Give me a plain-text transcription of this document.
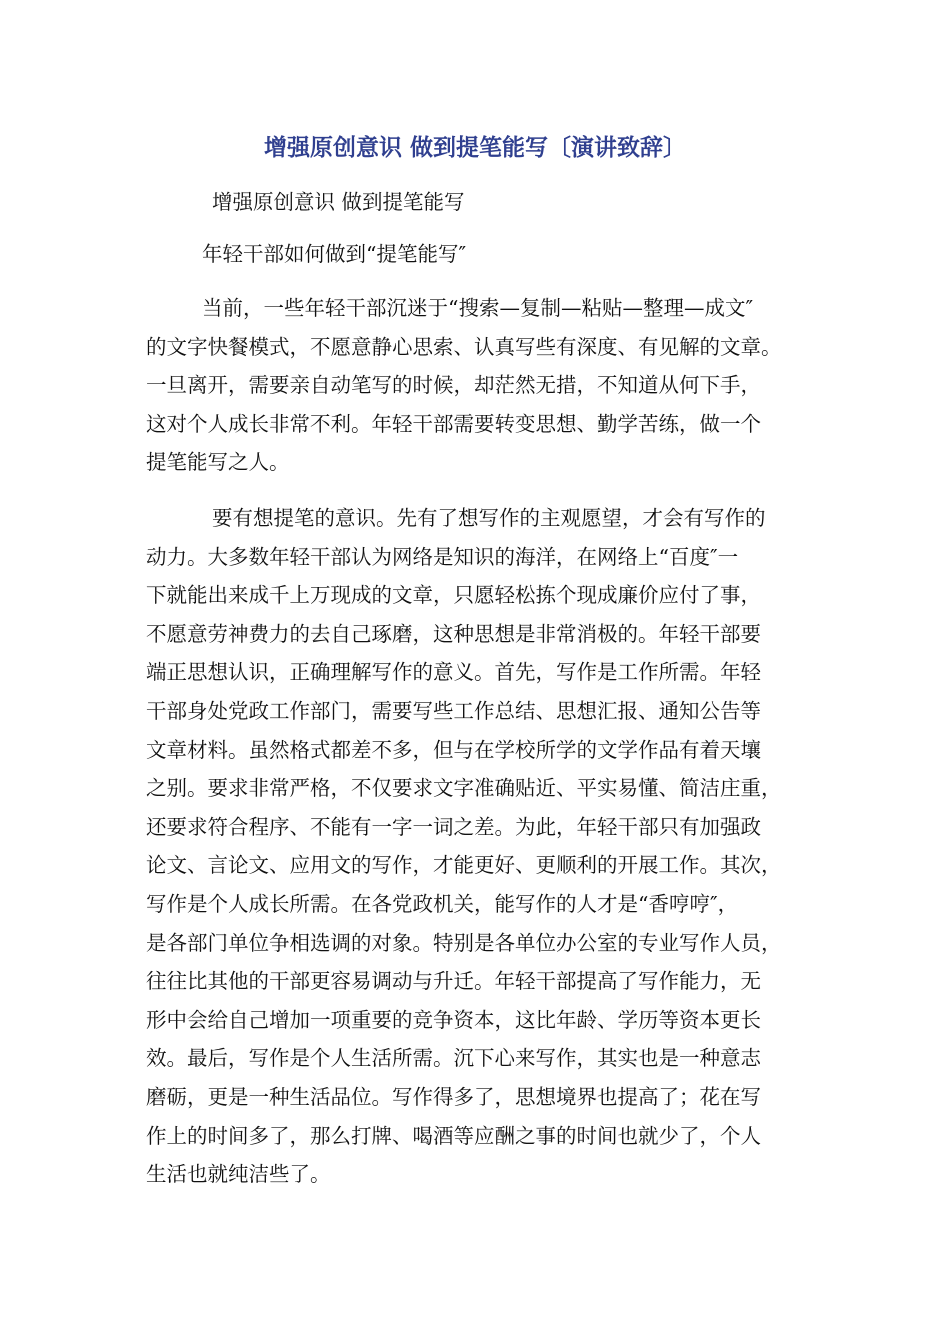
增强原创意识 做到提笔能写〔演讲致辞〕
增强原创意识 做到提笔能写
年轻干部如何做到“提笔能写″
当前，一些年轻干部沉迷于“搜索—复制—粘贴—整理—成文″
的文字快餐模式，不愿意静心思索、认真写些有深度、有见解的文章。
一旦离开，需要亲自动笔写的时候，却茫然无措，不知道从何下手，
这对个人成长非常不利。年轻干部需要转变思想、勤学苦练，做一个
提笔能写之人。
要有想提笔的意识。先有了想写作的主观愿望，才会有写作的
动力。大多数年轻干部认为网络是知识的海洋，在网络上“百度″一
下就能出来成千上万现成的文章，只愿轻松拣个现成廉价应付了事，
不愿意劳神费力的去自己琢磨，这种思想是非常消极的。年轻干部要
端正思想认识，正确理解写作的意义。首先，写作是工作所需。年轻
干部身处党政工作部门，需要写些工作总结、思想汇报、通知公告等
文章材料。虽然格式都差不多，但与在学校所学的文学作品有着天壤
之别。要求非常严格，不仅要求文字准确贴近、平实易懂、简洁庄重，
还要求符合程序、不能有一字一词之差。为此，年轻干部只有加强政
论文、言论文、应用文的写作，才能更好、更顺利的开展工作。其次，
写作是个人成长所需。在各党政机关，能写作的人才是“香哼哼″，
是各部门单位争相选调的对象。特别是各单位办公室的专业写作人员，
往往比其他的干部更容易调动与升迁。年轻干部提高了写作能力，无
形中会给自己增加一项重要的竞争资本，这比年龄、学历等资本更长
效。最后，写作是个人生活所需。沉下心来写作，其实也是一种意志
磨砺，更是一种生活品位。写作得多了，思想境界也提高了；花在写
作上的时间多了，那么打牌、喝酒等应酬之事的时间也就少了，个人
生活也就纯洁些了。
